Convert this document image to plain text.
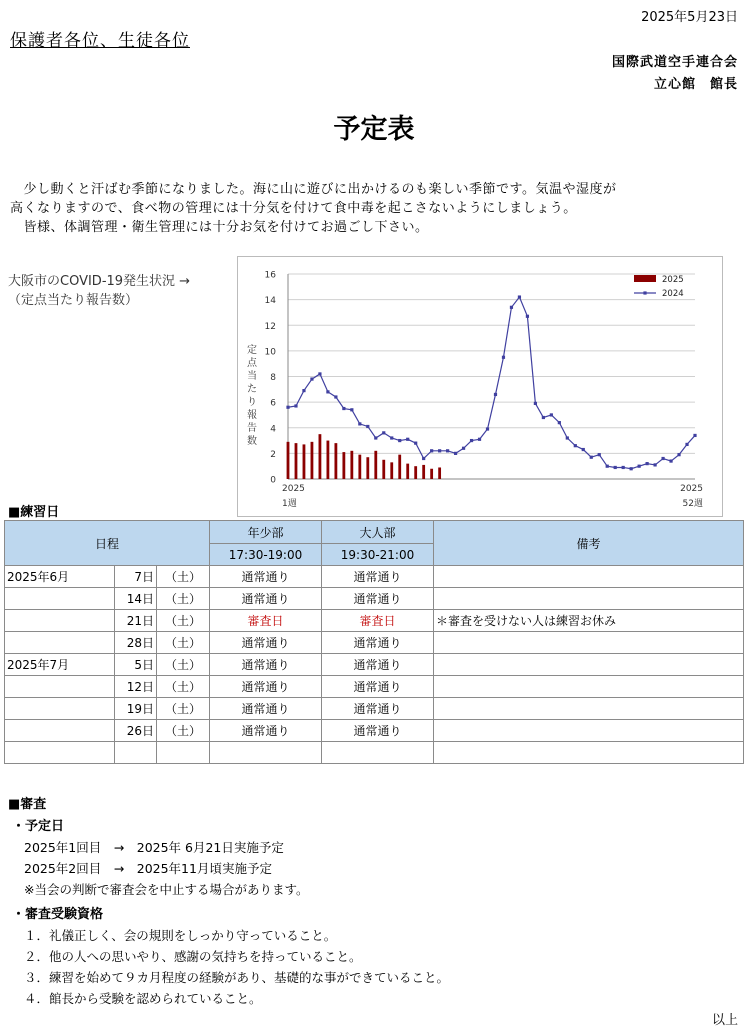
2025年5月23日
保護者各位、生徒各位
国際武道空手連合会
立心館　館長
予定表
　少し動くと汗ばむ季節になりました。海に山に遊びに出かけるのも楽しい季節です。気温や湿度が
高くなりますので、食べ物の管理には十分気を付けて食中毒を起こさないようにしましょう。
　皆様、体調管理・衛生管理には十分お気を付けてお過ごし下さい。
大阪市のCOVID-19発生状況 →
（定点当たり報告数）
0
2
4
6
8
10
12
14
16
定
点
当
た
り
報
告
数
2025
1週
2025
52週
2025
2024
■練習日
日程			年少部	大人部	備考
			17:30-19:00	19:30-21:00	
2025年6月	7日	（土）	通常通り	通常通り	
	14日	（土）	通常通り	通常通り	
	21日	（土）	審査日	審査日	＊審査を受けない人は練習お休み
	28日	（土）	通常通り	通常通り	
2025年7月	5日	（土）	通常通り	通常通り	
	12日	（土）	通常通り	通常通り	
	19日	（土）	通常通り	通常通り	
	26日	（土）	通常通り	通常通り	

■審査
・予定日
2025年1回目　→　2025年 6月21日実施予定
2025年2回目　→　2025年11月頃実施予定
※当会の判断で審査会を中止する場合があります。
・審査受験資格
１．礼儀正しく、会の規則をしっかり守っていること。
２．他の人への思いやり、感謝の気持ちを持っていること。
３．練習を始めて９カ月程度の経験があり、基礎的な事ができていること。
４．館長から受験を認められていること。
以上
